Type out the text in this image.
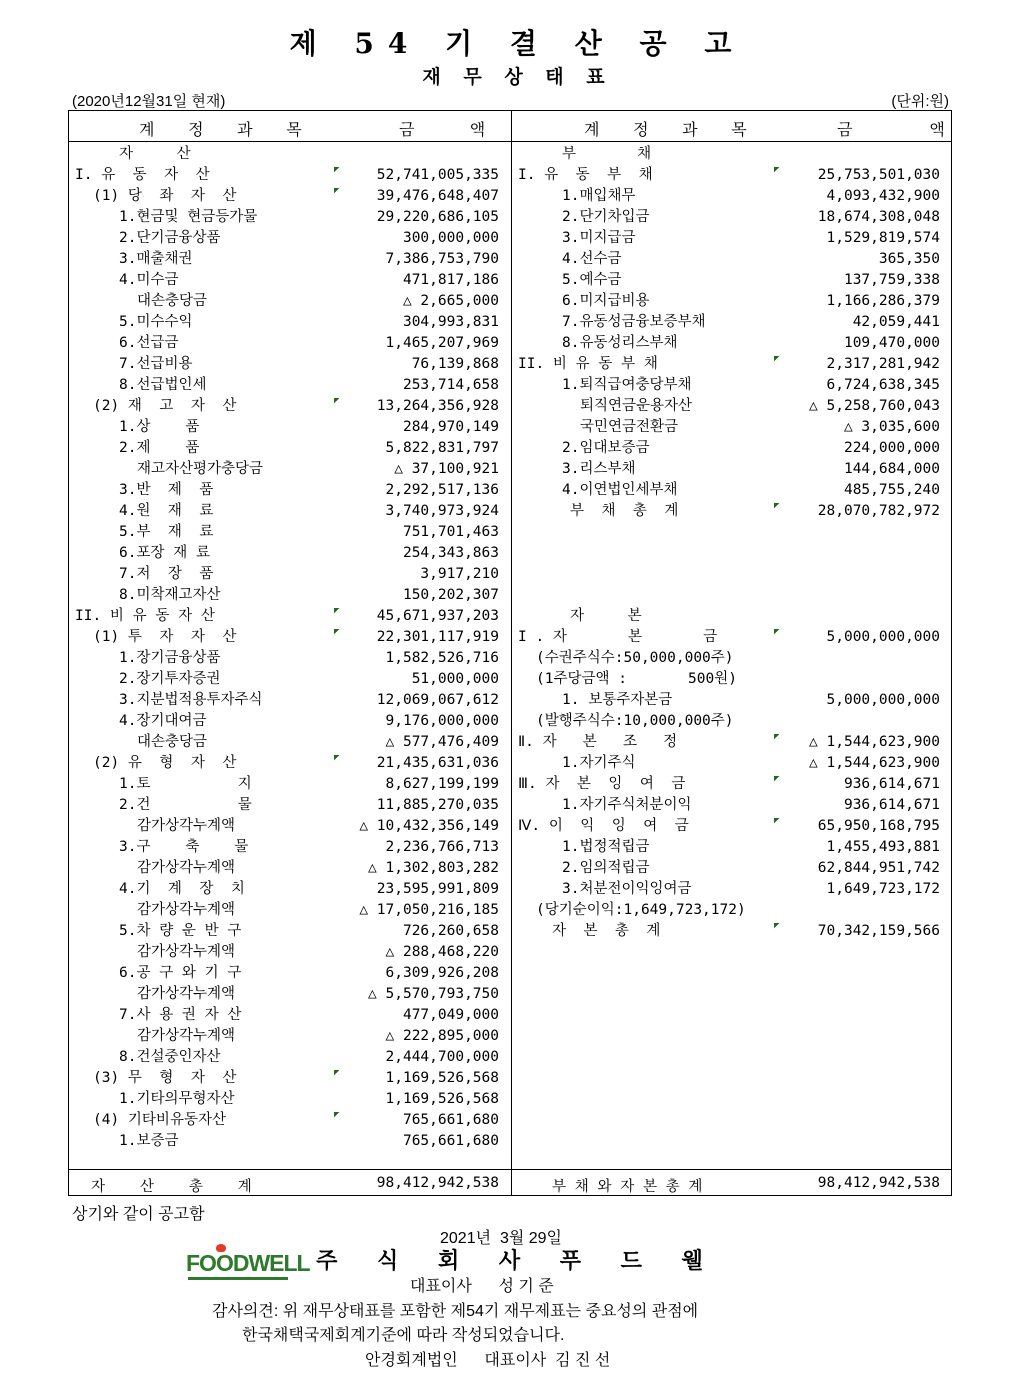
제 54 기 결 산 공 고
재 무 상 태 표
(2020년12월31일 현재)	(단위:원)
계 정 과 목	금  액	계 정 과 목	금   액
자     산
I. 유  동  자  산	◤	52,741,005,335
(1) 당  좌  자  산	◤	39,476,648,407
1.현금및 현금등가물	29,220,686,105
2.단기금융상품	300,000,000
3.매출채권	7,386,753,790
4.미수금	471,817,186
대손충당금	△ 2,665,000
5.미수수익	304,993,831
6.선급금	1,465,207,969
7.선급비용	76,139,868
8.선급법인세	253,714,658
(2) 재  고  자  산	◤	13,264,356,928
1.상    품	284,970,149
2.제    품	5,822,831,797
재고자산평가충당금	△ 37,100,921
3.반  제  품	2,292,517,136
4.원  재  료	3,740,973,924
5.부  재  료	751,701,463
6.포장 재 료	254,343,863
7.저  장  품	3,917,210
8.미착재고자산	150,202,307
II. 비 유 동 자 산	◤	45,671,937,203
(1) 투  자  자  산	◤	22,301,117,919
1.장기금융상품	1,582,526,716
2.장기투자증권	51,000,000
3.지분법적용투자주식	12,069,067,612
4.장기대여금	9,176,000,000
대손충당금	△ 577,476,409
(2) 유  형  자  산	◤	21,435,631,036
1.토          지	8,627,199,199
2.건          물	11,885,270,035
감가상각누계액	△ 10,432,356,149
3.구    축    물	2,236,766,713
감가상각누계액	△ 1,302,803,282
4.기  계  장  치	23,595,991,809
감가상각누계액	△ 17,050,216,185
5.차 량 운 반 구	726,260,658
감가상각누계액	△ 288,468,220
6.공 구 와 기 구	6,309,926,208
감가상각누계액	△ 5,570,793,750
7.사 용 권 자 산	477,049,000
감가상각누계액	△ 222,895,000
8.건설중인자산	2,444,700,000
(3) 무  형  자  산	◤	1,169,526,568
1.기타의무형자산	1,169,526,568
(4) 기타비유동자산	◤	765,661,680
1.보증금	765,661,680
부       채
I. 유  동  부  채	◤	25,753,501,030
1.매입채무	4,093,432,900
2.단기차입금	18,674,308,048
3.미지급금	1,529,819,574
4.선수금	365,350
5.예수금	137,759,338
6.미지급비용	1,166,286,379
7.유동성금융보증부채	42,059,441
8.유동성리스부채	109,470,000
II. 비 유 동 부 채	◤	2,317,281,942
1.퇴직급여충당부채	6,724,638,345
퇴직연금운용자산	△ 5,258,760,043
국민연금전환금	△ 3,035,600
2.임대보증금	224,000,000
3.리스부채	144,684,000
4.이연법인세부채	485,755,240
부  채  총  계	◤	28,070,782,972
자     본
I . 자       본       금	◤	5,000,000,000
(수권주식수:50,000,000주)
(1주당금액 :       500원)
1. 보통주자본금	5,000,000,000
(발행주식수:10,000,000주)
Ⅱ. 자   본   조   정	◤ △ 1,544,623,900
1.자기주식	△ 1,544,623,900
Ⅲ. 자  본  잉  여  금	◤	936,614,671
1.자기주식처분이익	936,614,671
Ⅳ. 이  익  잉  여  금	◤	65,950,168,795
1.법정적립금	1,455,493,881
2.임의적립금	62,844,951,742
3.처분전이익잉여금	1,649,723,172
(당기순이익:1,649,723,172)
자  본  총  계	◤	70,342,159,566
자    산    총    계	98,412,942,538	부 채 와 자 본 총 계	98,412,942,538
상기와 같이 공고함
2021년  3월 29일
FOODWELL 주 식 회 사 푸 드 웰
대표이사      성 기 준
감사의견: 위 재무상태표를 포함한 제54기 재무제표는 중요성의 관점에
한국채택국제회계기준에 따라 작성되었습니다.
안경회계법인      대표이사  김 진 선
